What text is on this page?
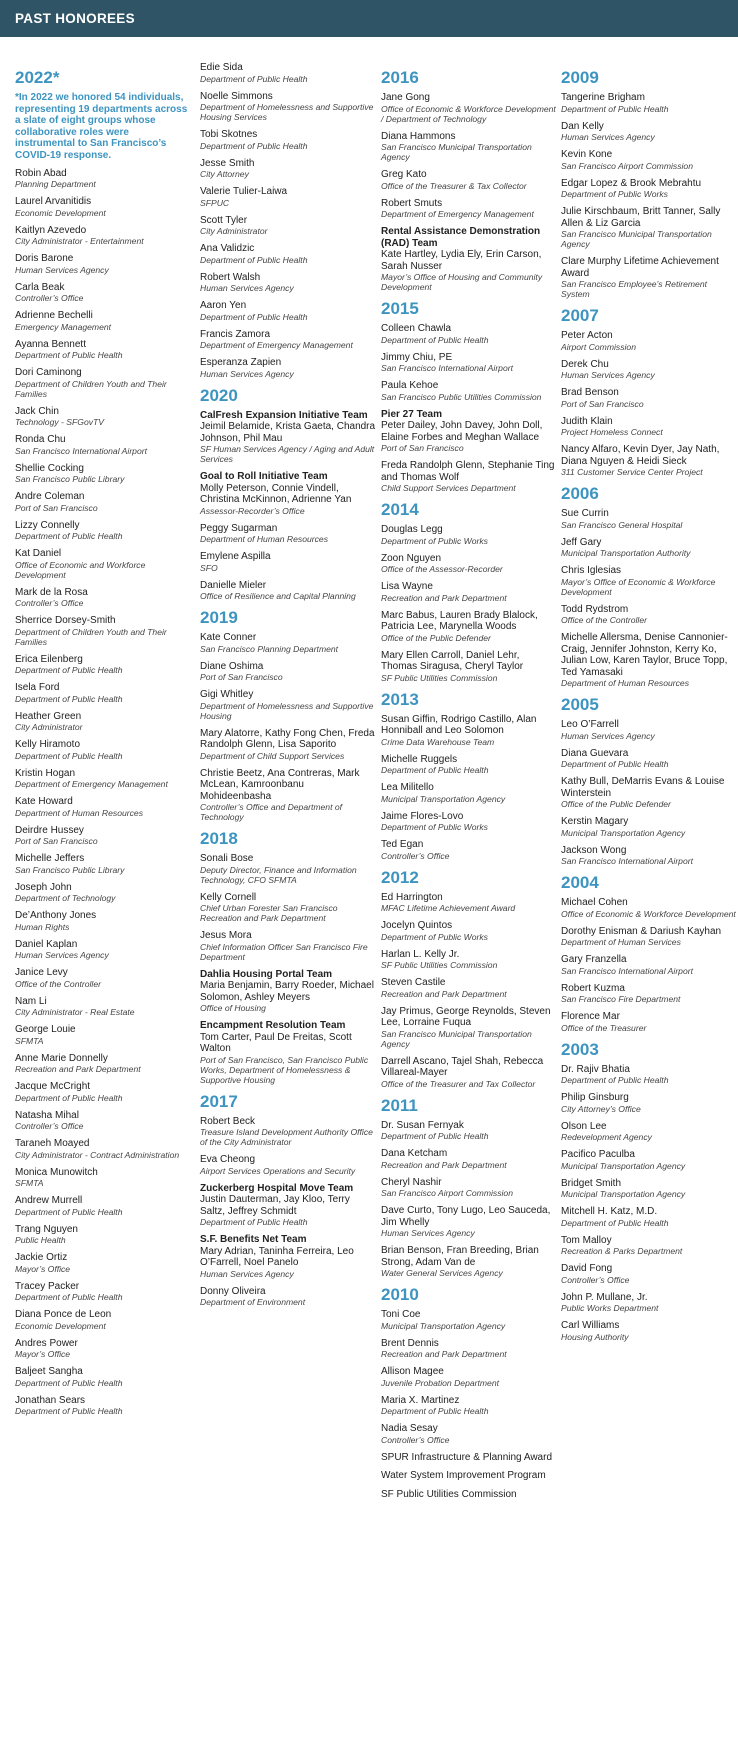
PAST HONOREES
2022*
*In 2022 we honored 54 individuals, representing 19 departments across a slate of eight groups whose collaborative roles were instrumental to San Francisco’s COVID-19 response.
Robin Abad
Planning Department
Laurel Arvanitidis
Economic Development
Kaitlyn Azevedo
City Administrator - Entertainment
Doris Barone
Human Services Agency
Carla Beak
Controller’s Office
Adrienne Bechelli
Emergency Management
Ayanna Bennett
Department of Public Health
Dori Caminong
Department of Children Youth and Their Families
Jack Chin
Technology - SFGovTV
Ronda Chu
San Francisco International Airport
Shellie Cocking
San Francisco Public Library
Andre Coleman
Port of San Francisco
Lizzy Connelly
Department of Public Health
Kat Daniel
Office of Economic and Workforce Development
Mark de la Rosa
Controller’s Office
Sherrice Dorsey-Smith
Department of Children Youth and Their Families
Erica Eilenberg
Department of Public Health
Isela Ford
Department of Public Health
Heather Green
City Administrator
Kelly Hiramoto
Department of Public Health
Kristin Hogan
Department of Emergency Management
Kate Howard
Department of Human Resources
Deirdre Hussey
Port of San Francisco
Michelle Jeffers
San Francisco Public Library
Joseph John
Department of Technology
De’Anthony Jones
Human Rights
Daniel Kaplan
Human Services Agency
Janice Levy
Office of the Controller
Nam Li
City Administrator - Real Estate
George Louie
SFMTA
Anne Marie Donnelly
Recreation and Park Department
Jacque McCright
Department of Public Health
Natasha Mihal
Controller’s Office
Taraneh Moayed
City Administrator - Contract Administration
Monica Munowitch
SFMTA
Andrew Murrell
Department of Public Health
Trang Nguyen
Public Health
Jackie Ortiz
Mayor’s Office
Tracey Packer
Department of Public Health
Diana Ponce de Leon
Economic Development
Andres Power
Mayor’s Office
Baljeet Sangha
Department of Public Health
Jonathan Sears
Department of Public Health
Edie Sida
Department of Public Health
Noelle Simmons
Department of Homelessness and Supportive Housing Services
Tobi Skotnes
Department of Public Health
Jesse Smith
City Attorney
Valerie Tulier-Laiwa
SFPUC
Scott Tyler
City Administrator
Ana Validzic
Department of Public Health
Robert Walsh
Human Services Agency
Aaron Yen
Department of Public Health
Francis Zamora
Department of Emergency Management
Esperanza Zapien
Human Services Agency
2020
CalFresh Expansion Initiative Team
Jeimil Belamide, Krista Gaeta, Chandra Johnson, Phil Mau
SF Human Services Agency / Aging and Adult Services
Goal to Roll Initiative Team
Molly Peterson, Connie Vindell, Christina McKinnon, Adrienne Yan
Assessor-Recorder’s Office
Peggy Sugarman
Department of Human Resources
Emylene Aspilla
SFO
Danielle Mieler
Office of Resilience and Capital Planning
2019
Kate Conner
San Francisco Planning Department
Diane Oshima
Port of San Francisco
Gigi Whitley
Department of Homelessness and Supportive Housing
Mary Alatorre, Kathy Fong Chen, Freda Randolph Glenn, Lisa Saporito
Department of Child Support Services
Christie Beetz, Ana Contreras, Mark McLean, Kamroonbanu Mohideenbasha
Controller’s Office and Department of Technology
2018
Sonali Bose
Deputy Director, Finance and Information Technology, CFO SFMTA
Kelly Cornell
Chief Urban Forester San Francisco Recreation and Park Department
Jesus Mora
Chief Information Officer San Francisco Fire Department
Dahlia Housing Portal Team
Maria Benjamin, Barry Roeder, Michael Solomon, Ashley Meyers
Office of Housing
Encampment Resolution Team
Tom Carter, Paul De Freitas, Scott Walton
Port of San Francisco, San Francisco Public Works, Department of Homelessness & Supportive Housing
2017
Robert Beck
Treasure Island Development Authority Office of the City Administrator
Eva Cheong
Airport Services Operations and Security
Zuckerberg Hospital Move Team
Justin Dauterman, Jay Kloo, Terry Saltz, Jeffrey Schmidt
Department of Public Health
S.F. Benefits Net Team
Mary Adrian, Taninha Ferreira, Leo O’Farrell, Noel Panelo
Human Services Agency
Donny Oliveira
Department of Environment
2016
Jane Gong
Office of Economic & Workforce Development / Department of Technology
Diana Hammons
San Francisco Municipal Transportation Agency
Greg Kato
Office of the Treasurer & Tax Collector
Robert Smuts
Department of Emergency Management
Rental Assistance Demonstration (RAD) Team
Kate Hartley, Lydia Ely, Erin Carson, Sarah Nusser
Mayor’s Office of Housing and Community Development
2015
Colleen Chawla
Department of Public Health
Jimmy Chiu, PE
San Francisco International Airport
Paula Kehoe
San Francisco Public Utilities Commission
Pier 27 Team
Peter Dailey, John Davey, John Doll, Elaine Forbes and Meghan Wallace
Port of San Francisco
Freda Randolph Glenn, Stephanie Ting and Thomas Wolf
Child Support Services Department
2014
Douglas Legg
Department of Public Works
Zoon Nguyen
Office of the Assessor-Recorder
Lisa Wayne
Recreation and Park Department
Marc Babus, Lauren Brady Blalock, Patricia Lee, Marynella Woods
Office of the Public Defender
Mary Ellen Carroll, Daniel Lehr, Thomas Siragusa, Cheryl Taylor
SF Public Utilities Commission
2013
Susan Giffin, Rodrigo Castillo, Alan Honniball and Leo Solomon
Crime Data Warehouse Team
Michelle Ruggels
Department of Public Health
Lea Militello
Municipal Transportation Agency
Jaime Flores-Lovo
Department of Public Works
Ted Egan
Controller’s Office
2012
Ed Harrington
MFAC Lifetime Achievement Award
Jocelyn Quintos
Department of Public Works
Harlan L. Kelly Jr.
SF Public Utilities Commission
Steven Castile
Recreation and Park Department
Jay Primus, George Reynolds, Steven Lee, Lorraine Fuqua
San Francisco Municipal Transportation Agency
Darrell Ascano, Tajel Shah, Rebecca Villareal-Mayer
Office of the Treasurer and Tax Collector
2011
Dr. Susan Fernyak
Department of Public Health
Dana Ketcham
Recreation and Park Department
Cheryl Nashir
San Francisco Airport Commission
Dave Curto, Tony Lugo, Leo Sauceda, Jim Whelly
Human Services Agency
Brian Benson, Fran Breeding, Brian Strong, Adam Van de
Water General Services Agency
2010
Toni Coe
Municipal Transportation Agency
Brent Dennis
Recreation and Park Department
Allison Magee
Juvenile Probation Department
Maria X. Martinez
Department of Public Health
Nadia Sesay
Controller’s Office
SPUR Infrastructure & Planning Award
Water System Improvement Program
SF Public Utilities Commission
2009
Tangerine Brigham
Department of Public Health
Dan Kelly
Human Services Agency
Kevin Kone
San Francisco Airport Commission
Edgar Lopez & Brook Mebrahtu
Department of Public Works
Julie Kirschbaum, Britt Tanner, Sally Allen & Liz Garcia
San Francisco Municipal Transportation Agency
Clare Murphy Lifetime Achievement Award
San Francisco Employee’s Retirement System
2007
Peter Acton
Airport Commission
Derek Chu
Human Services Agency
Brad Benson
Port of San Francisco
Judith Klain
Project Homeless Connect
Nancy Alfaro, Kevin Dyer, Jay Nath, Diana Nguyen & Heidi Sieck
311 Customer Service Center Project
2006
Sue Currin
San Francisco General Hospital
Jeff Gary
Municipal Transportation Authority
Chris Iglesias
Mayor’s Office of Economic & Workforce Development
Todd Rydstrom
Office of the Controller
Michelle Allersma, Denise Cannonier-Craig, Jennifer Johnston, Kerry Ko, Julian Low, Karen Taylor, Bruce Topp, Ted Yamasaki
Department of Human Resources
2005
Leo O’Farrell
Human Services Agency
Diana Guevara
Department of Public Health
Kathy Bull, DeMarris Evans & Louise Winterstein
Office of the Public Defender
Kerstin Magary
Municipal Transportation Agency
Jackson Wong
San Francisco International Airport
2004
Michael Cohen
Office of Economic & Workforce Development
Dorothy Enisman & Dariush Kayhan
Department of Human Services
Gary Franzella
San Francisco International Airport
Robert Kuzma
San Francisco Fire Department
Florence Mar
Office of the Treasurer
2003
Dr. Rajiv Bhatia
Department of Public Health
Philip Ginsburg
City Attorney’s Office
Olson Lee
Redevelopment Agency
Pacifico Paculba
Municipal Transportation Agency
Bridget Smith
Municipal Transportation Agency
Mitchell H. Katz, M.D.
Department of Public Health
Tom Malloy
Recreation & Parks Department
David Fong
Controller’s Office
John P. Mullane, Jr.
Public Works Department
Carl Williams
Housing Authority
